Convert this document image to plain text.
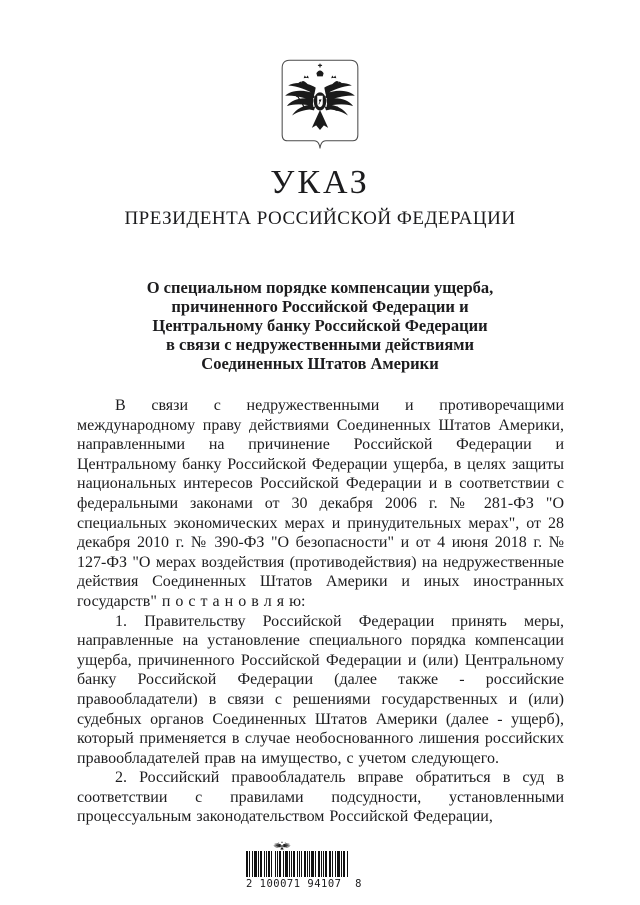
УКАЗ
ПРЕЗИДЕНТА РОССИЙСКОЙ ФЕДЕРАЦИИ
О специальном порядке компенсации ущерба,
причиненного Российской Федерации и
Центральному банку Российской Федерации
в связи с недружественными действиями
Соединенных Штатов Америки

В связи с недружественными и противоречащими международному праву действиями Соединенных Штатов Америки, направленными на причинение Российской Федерации и Центральному банку Российской Федерации ущерба, в целях защиты национальных интересов Российской Федерации и в соответствии с федеральными законами от 30 декабря 2006 г. № 281-ФЗ "О специальных экономических мерах и принудительных мерах", от 28 декабря 2010 г. № 390-ФЗ "О безопасности" и от 4 июня 2018 г. № 127-ФЗ "О мерах воздействия (противодействия) на недружественные действия Соединенных Штатов Америки и иных иностранных государств" п о с т а н о в л я ю:

1. Правительству Российской Федерации принять меры, направленные на установление специального порядка компенсации ущерба, причиненного Российской Федерации и (или) Центральному банку Российской Федерации (далее также - российские правообладатели) в связи с решениями государственных и (или) судебных органов Соединенных Штатов Америки (далее - ущерб), который применяется в случае необоснованного лишения российских правообладателей прав на имущество, с учетом следующего.

2. Российский правообладатель вправе обратиться в суд в соответствии с правилами подсудности, установленными процессуальным законодательством Российской Федерации,

2 100071 94107  8
